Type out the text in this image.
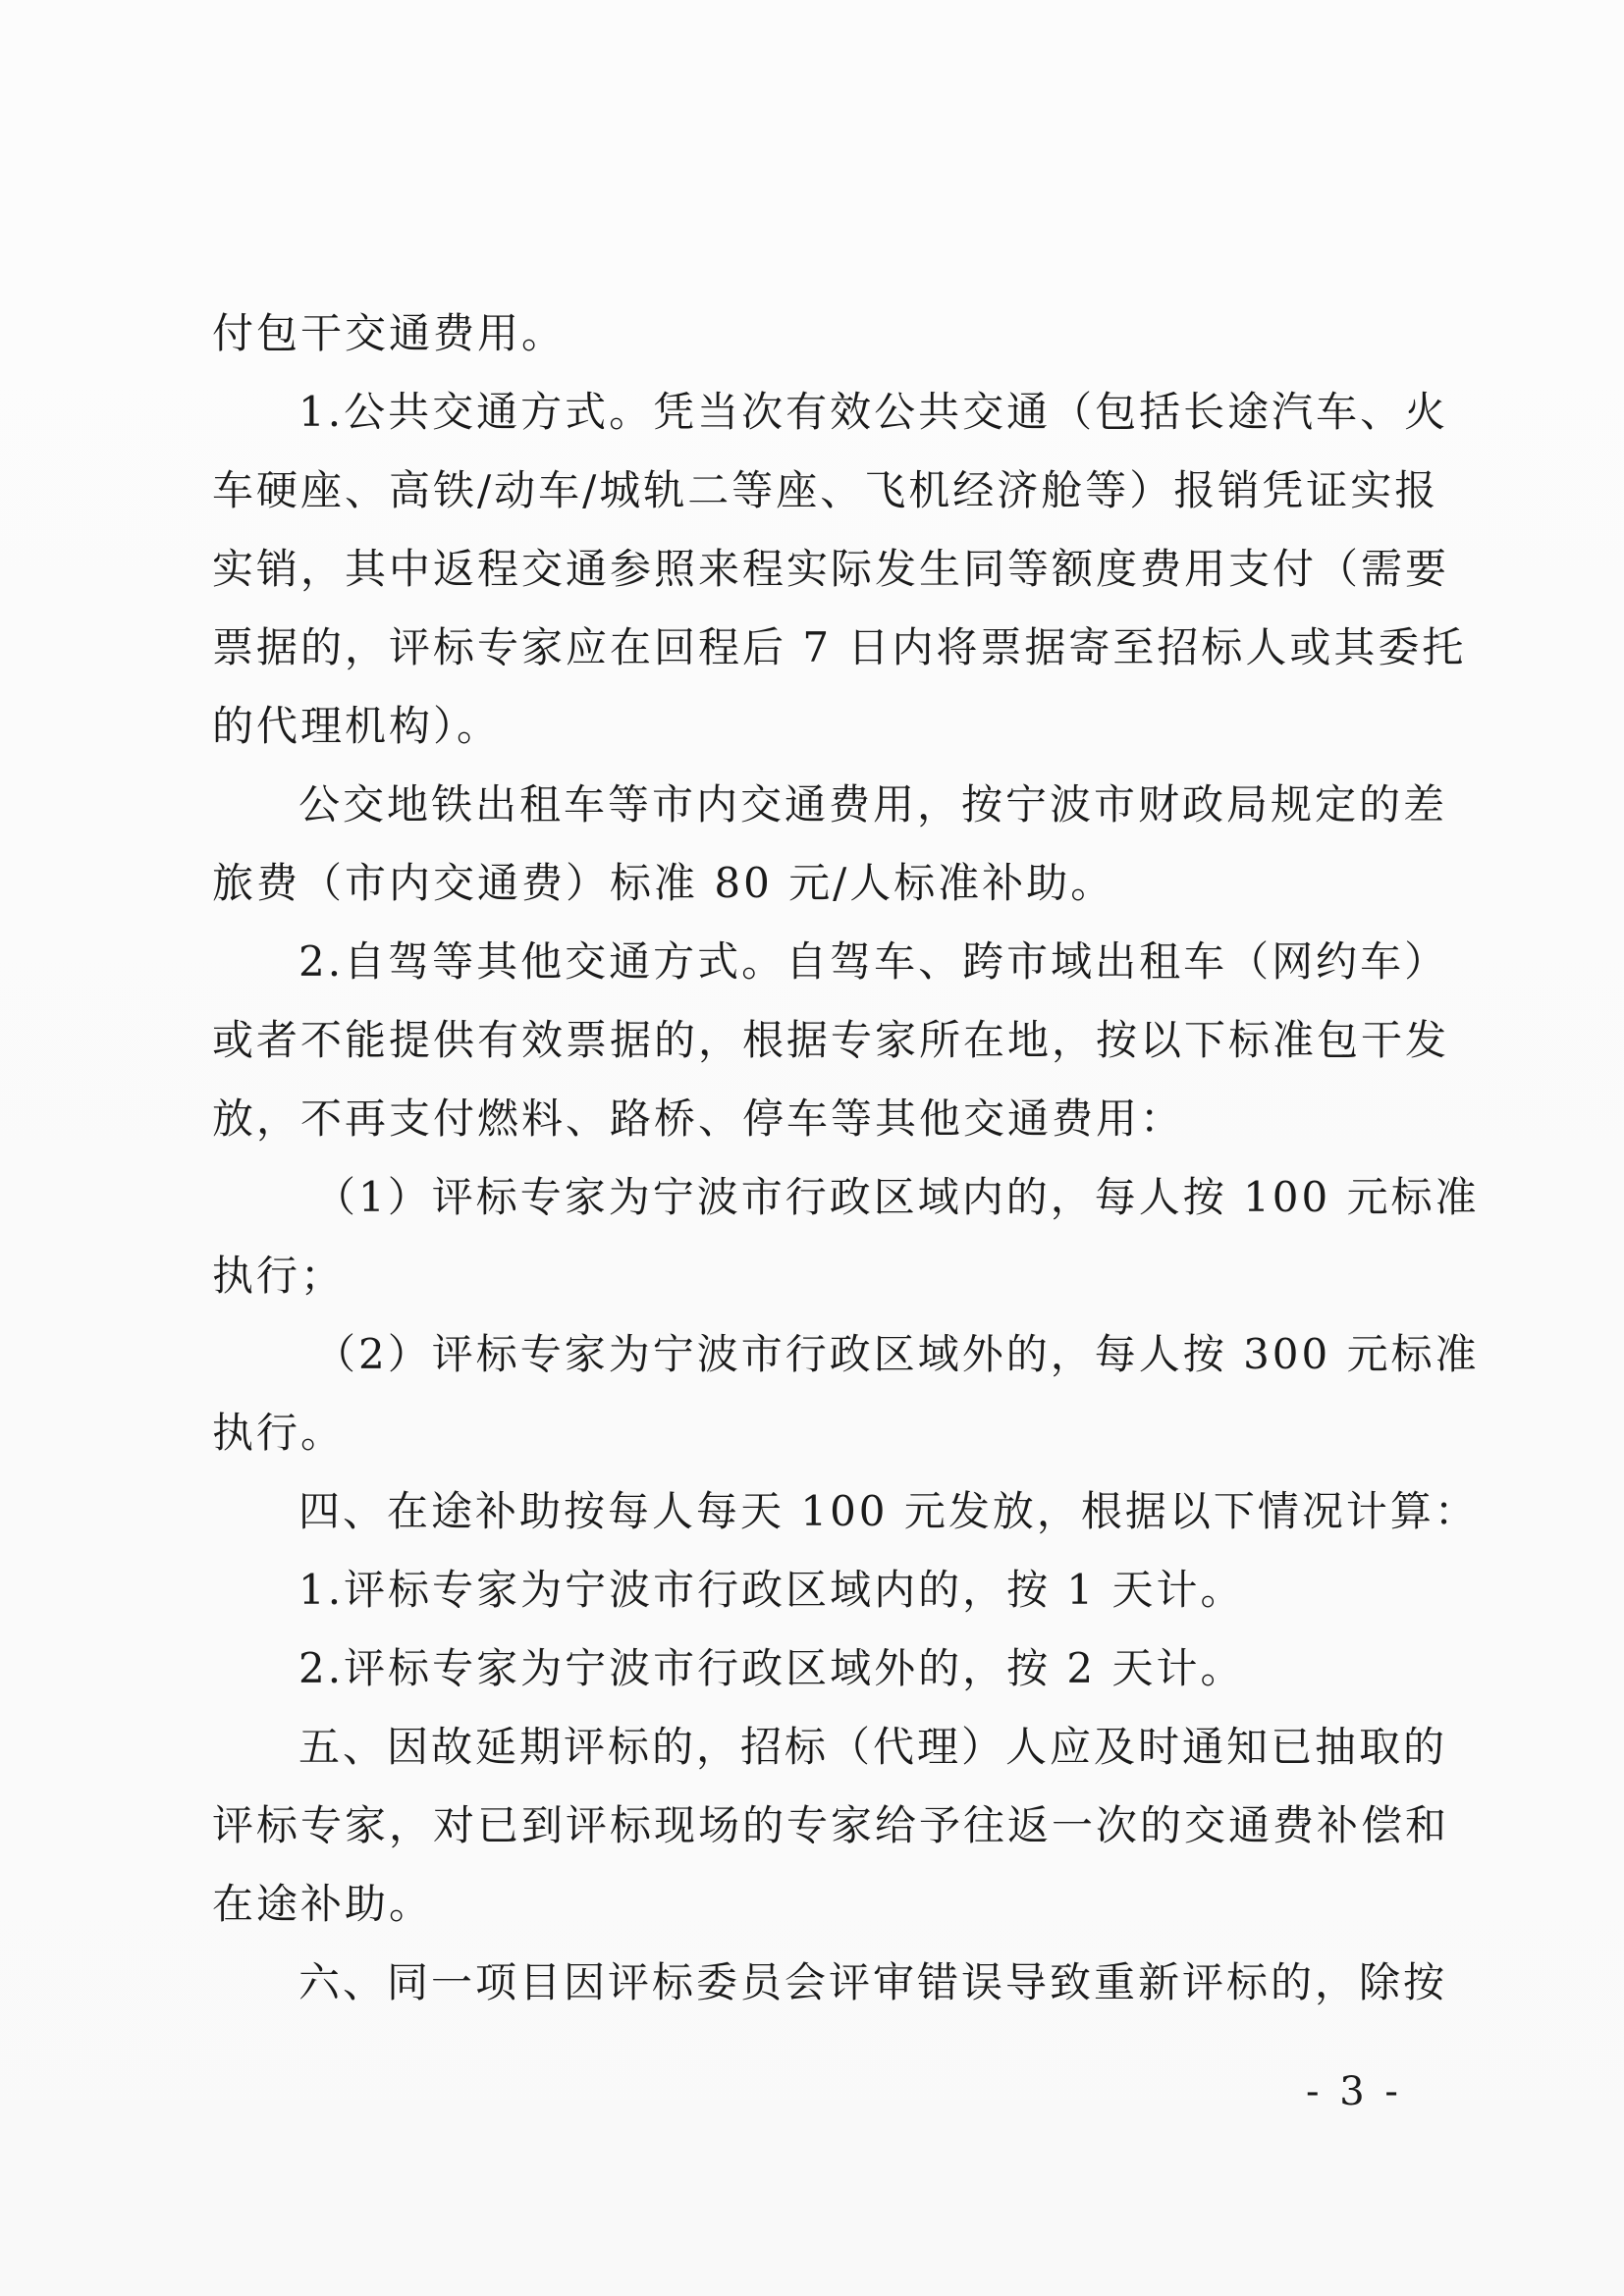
付包干交通费用。
1.公共交通方式。凭当次有效公共交通（包括长途汽车、火
车硬座、高铁/动车/城轨二等座、飞机经济舱等）报销凭证实报
实销，其中返程交通参照来程实际发生同等额度费用支付（需要
票据的，评标专家应在回程后 7 日内将票据寄至招标人或其委托
的代理机构）。
公交地铁出租车等市内交通费用，按宁波市财政局规定的差
旅费（市内交通费）标准 80 元/人标准补助。
2.自驾等其他交通方式。自驾车、跨市域出租车（网约车）
或者不能提供有效票据的，根据专家所在地，按以下标准包干发
放，不再支付燃料、路桥、停车等其他交通费用：
（1）评标专家为宁波市行政区域内的，每人按 100 元标准
执行；
（2）评标专家为宁波市行政区域外的，每人按 300 元标准
执行。
四、在途补助按每人每天 100 元发放，根据以下情况计算：
1.评标专家为宁波市行政区域内的，按 1 天计。
2.评标专家为宁波市行政区域外的，按 2 天计。
五、因故延期评标的，招标（代理）人应及时通知已抽取的
评标专家，对已到评标现场的专家给予往返一次的交通费补偿和
在途补助。
六、同一项目因评标委员会评审错误导致重新评标的，除按
- 3 -
